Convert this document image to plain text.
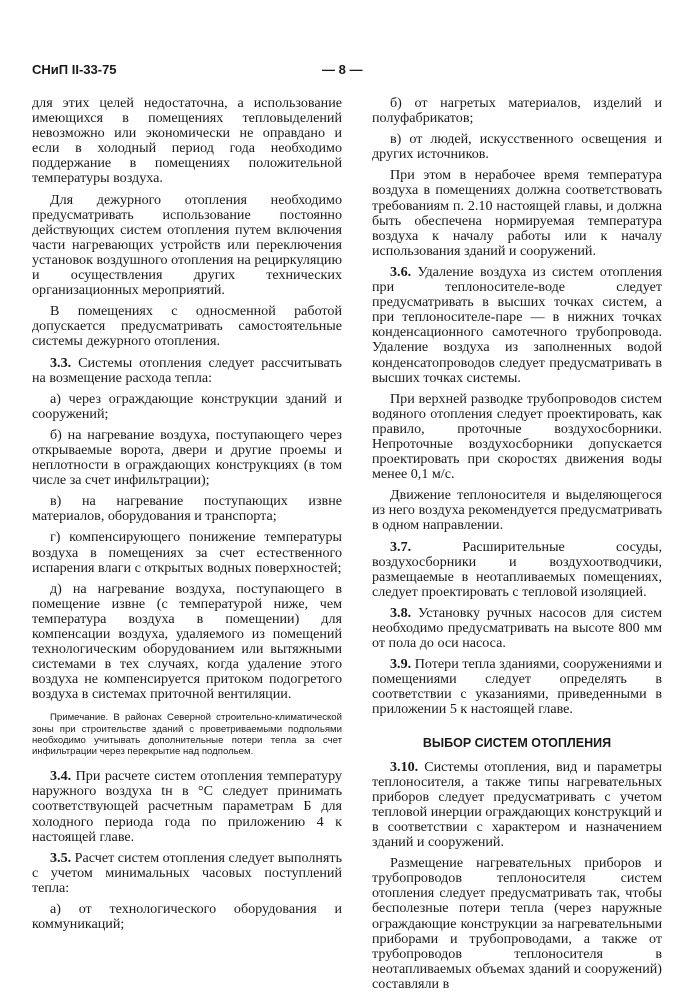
СНиП II-33-75	— 8 —

для этих целей недостаточна, а использование имеющихся в помещениях тепловыделений невозможно или экономически не оправдано и если в холодный период года необходимо поддержание в помещениях положительной температуры воздуха.

Для дежурного отопления необходимо предусматривать использование постоянно действующих систем отопления путем включения части нагревающих устройств или переключения установок воздушного отопления на рециркуляцию и осуществления других технических организационных мероприятий.

В помещениях с односменной работой допускается предусматривать самостоятельные системы дежурного отопления.

3.3. Системы отопления следует рассчитывать на возмещение расхода тепла:

а) через ограждающие конструкции зданий и сооружений;

б) на нагревание воздуха, поступающего через открываемые ворота, двери и другие проемы и неплотности в ограждающих конструкциях (в том числе за счет инфильтрации);

в) на нагревание поступающих извне материалов, оборудования и транспорта;

г) компенсирующего понижение температуры воздуха в помещениях за счет естественного испарения влаги с открытых водных поверхностей;

д) на нагревание воздуха, поступающего в помещение извне (с температурой ниже, чем температура воздуха в помещении) для компенсации воздуха, удаляемого из помещений технологическим оборудованием или вытяжными системами в тех случаях, когда удаление этого воздуха не компенсируется притоком подогретого воздуха в системах приточной вентиляции.

Примечание. В районах Северной строительно-климатической зоны при строительстве зданий с проветриваемыми подпольями необходимо учитывать дополнительные потери тепла за счет инфильтрации через перекрытие над подпольем.

3.4. При расчете систем отопления температуру наружного воздуха tн в °С следует принимать соответствующей расчетным параметрам Б для холодного периода года по приложению 4 к настоящей главе.

3.5. Расчет систем отопления следует выполнять с учетом минимальных часовых поступлений тепла:

а) от технологического оборудования и коммуникаций;

б) от нагретых материалов, изделий и полуфабрикатов;

в) от людей, искусственного освещения и других источников.

При этом в нерабочее время температура воздуха в помещениях должна соответствовать требованиям п. 2.10 настоящей главы, и должна быть обеспечена нормируемая температура воздуха к началу работы или к началу использования зданий и сооружений.

3.6. Удаление воздуха из систем отопления при теплоносителе-воде следует предусматривать в высших точках систем, а при теплоносителе-паре — в нижних точках конденсационного самотечного трубопровода. Удаление воздуха из заполненных водой конденсатопроводов следует предусматривать в высших точках системы.

При верхней разводке трубопроводов систем водяного отопления следует проектировать, как правило, проточные воздухосборники. Непроточные воздухосборники допускается проектировать при скоростях движения воды менее 0,1 м/с.

Движение теплоносителя и выделяющегося из него воздуха рекомендуется предусматривать в одном направлении.

3.7.	Расширительные сосуды, воздухосборники и воздухоотводчики, размещаемые в неотапливаемых помещениях, следует проектировать с тепловой изоляцией.

3.8. Установку ручных насосов для систем необходимо предусматривать на высоте 800 мм от пола до оси насоса.

3.9. Потери тепла зданиями, сооружениями и помещениями следует определять в соответствии с указаниями, приведенными в приложении 5 к настоящей главе.

ВЫБОР СИСТЕМ ОТОПЛЕНИЯ

3.10. Системы отопления, вид и параметры теплоносителя, а также типы нагревательных приборов следует предусматривать с учетом тепловой инерции ограждающих конструкций и в соответствии с характером и назначением зданий и сооружений.

Размещение нагревательных приборов и трубопроводов теплоносителя систем отопления следует предусматривать так, чтобы бесполезные потери тепла (через наружные ограждающие конструкции за нагревательными приборами и трубопроводами, а также от трубопроводов теплоносителя в неотапливаемых объемах зданий и сооружений) составляли в
